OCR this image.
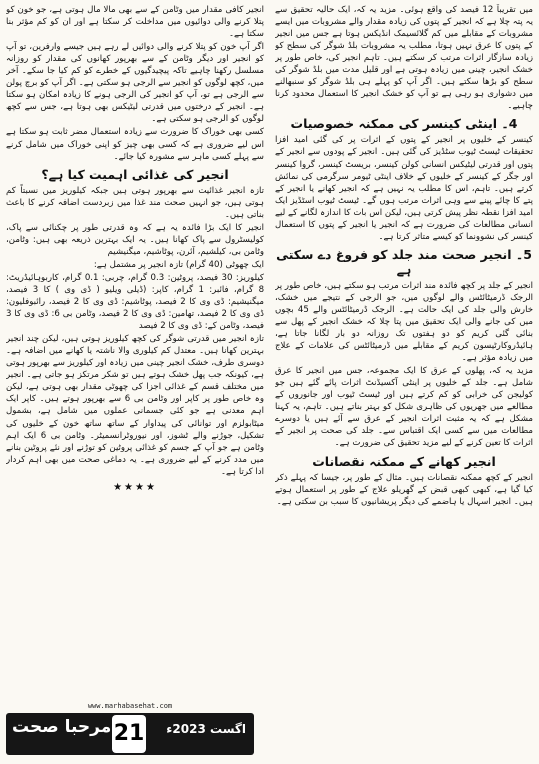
میں تقریباً 12 فیصد کی واقع ہوئی۔ مزید یہ کہ، ایک حالیہ تحقیق سے یہ پتہ چلا ہے کہ انجیر کے پتوں کی زیادہ مقدار والے مشروبات میں ایسے مشروبات کے مقابلے میں کم گلائسیمک انڈیکس ہوتا ہے جس میں انجیر کے پتوں کا عرق نہیں ہوتا، مطلب یہ مشروبات بلڈ شوگر کی سطح کو زیادہ سازگار اثرات مرتب کر سکتے ہیں۔ تاہم انجیر کی، خاص طور پر خشک انجیر، چینی میں زیادہ ہوتی ہے اور قلیل مدت میں بلڈ شوگر کی سطح کو بڑھا سکتے ہیں۔ اگر آپ کو پہلے ہی بلڈ شوگر کو سنبھالنے میں دشواری ہو رہی ہے تو آپ کو خشک انجیر کا استعمال محدود کرنا چاہیے۔

4۔ اینٹی کینسر کی ممکنہ خصوصیات

کینسر کے خلیوں پر انجیر کے پتوں کے اثرات پر کی گئی امید افزا تحقیقات ٹیسٹ ٹیوب سٹڈیز کی گئی ہیں۔ انجیر کے پودوں سے انجیر کے پتوں اور قدرتی لیٹیکس انسانی کولن کینسر، بریسٹ کینسر، گروا کینسر اور جگر کے کینسر کے خلیوں کے خلاف اینٹی ٹیومر سرگرمی کی نمائش کرتے ہیں۔ تاہم، اس کا مطلب یہ نہیں ہے کہ انجیر کھانے یا انجیر کے پتے کا چائے پینے سے وہی اثرات مرتب ہوں گے۔ ٹیسٹ ٹیوب اسٹڈیز ایک امید افزا نقطہ نظر پیش کرتی ہیں، لیکن اس بات کا اندازہ لگانے کے لیے انسانی مطالعات کی ضرورت ہے کہ انجیر یا انجیر کے پتوں کا استعمال کینسر کی نشوونما کو کیسے متاثر کرتا ہے۔

5۔ انجیر صحت مند جلد کو فروغ دے سکتی ہے

انجیر کے جلد پر کچھ فائدہ مند اثرات مرتب ہو سکتے ہیں، خاص طور پر الرجک ڈرمیٹائٹس والے لوگوں میں، جو الرجی کے نتیجے میں خشک، خارش والی جلد کی ایک حالت ہے۔ الرجک ڈرمیٹائٹس والے 45 بچوں میں کی جانے والی ایک تحقیق میں پتا چلا کہ خشک انجیر کے پھل سے بنائی گئی کریم کو دو ہفتوں تک روزانہ دو بار لگانا جاتا ہے، ہائیڈروکارٹیسون کریم کے مقابلے میں ڈرمیٹائٹس کی علامات کے علاج میں زیادہ مؤثر ہے۔

مزید یہ کہ، پھلوں کے عرق کا ایک مجموعہ، جس میں انجیر کا عرق شامل ہے۔ جلد کے خلیوں پر اینٹی آکسیڈنٹ اثرات پائے گئے ہیں جو کولیجن کی خرابی کو کم کرتے ہیں اور ٹیسٹ ٹیوب اور جانوروں کے مطالعے میں جھریوں کی ظاہری شکل کو بہتر بناتے ہیں۔ تاہم، یہ کہنا مشکل ہے کہ یہ مثبت اثرات انجیر کے عرق سے آئے ہیں یا دوسرے مطالعات میں سے کسی ایک اقتباس سے۔ جلد کی صحت پر انجیر کے اثرات کا تعین کرنے کے لیے مزید تحقیق کی ضرورت ہے۔

انجیر کھانے کے ممکنہ نقصانات

انجیر کے کچھ ممکنہ نقصانات ہیں۔ مثال کے طور پر، جیسا کہ پہلے ذکر کیا گیا ہے، کبھی کبھی قبض کے گھریلو علاج کے طور پر استعمال ہوتے ہیں۔ انجیر اسہال یا ہاضمے کی دیگر پریشانیوں کا سبب بن سکتی ہے۔

انجیر کافی مقدار میں وٹامن کے سے بھی مالا مال ہوتی ہے، جو خون کو پتلا کرنے والی دوائیوں میں مداخلت کر سکتا ہے اور ان کو کم مؤثر بنا سکتا ہے۔

اگر آپ خون کو پتلا کرنے والی دوائیں لے رہے ہیں جیسے وارفرین، تو آپ کو انجیر اور دیگر وٹامن کے سے بھرپور کھانوں کی مقدار کو روزانہ مسلسل رکھنا چاہیے تاکہ پیچیدگیوں کے خطرے کو کم کیا جا سکے۔ آخر میں، کچھ لوگوں کو انجیر سے الرجی ہو سکتی ہے۔ اگر آپ کو برچ پولن سے الرجی ہے تو، آپ کو انجیر کی الرجی ہونے کا زیادہ امکان ہو سکتا ہے۔ انجیر کے درختوں میں قدرتی لیٹیکس بھی ہوتا ہے، جس سے کچھ لوگوں کو الرجی ہو سکتی ہے۔

کسی بھی خوراک کا ضرورت سے زیادہ استعمال مضر ثابت ہو سکتا ہے اس لیے ضروری ہے کہ کسی بھی چیز کو اپنی خوراک میں شامل کرنے سے پہلے کسی ماہر سے مشورہ کیا جائے۔

انجیر کی غذائی اہمیت کیا ہے؟

تازہ انجیر غذائیت سے بھرپور ہوتی ہیں جبکہ کیلوریز میں نسبتاً کم ہوتی ہیں، جو انہیں صحت مند غذا میں زبردست اضافہ کرنے کا باعث بناتی ہیں۔

انجیر کا ایک بڑا فائدہ یہ ہے کہ وہ قدرتی طور پر چکنائی سے پاک، کولیسٹرول سے پاک کھانا ہیں۔ یہ ایک بہترین ذریعہ بھی ہیں: وٹامن، وٹامن بی، کیلشیم، آئرن، پوٹاشیم، میگنیشیم

ایک چھوٹی (40 گرام) تازہ انجیر پر مشتمل ہے:

کیلوریز: 30 فیصد، پروٹین: 0.3 گرام، چربی: 0.1 گرام، کاربوہائیڈریٹ: 8 گرام، فائبر: 1 گرام، کاپر: (ڈیلی ویلیو ( ڈی وی ) کا 3 فیصد، میگنیشیم: ڈی وی کا 2 فیصد، پوٹاشیم: ڈی وی کا 2 فیصد، رائبوفلیون: ڈی وی کا 2 فیصد، تھامین: ڈی وی کا 2 فیصد، وٹامن بی 6: ڈی وی کا 3 فیصد، وٹامن کے: ڈی وی کا 2 فیصد

تازہ انجیر میں قدرتی شوگر کی کچھ کیلوریز ہوتی ہیں، لیکن چند انجیر بہترین کھانا ہیں۔ معتدل کم کیلوری والا ناشتہ یا کھانے میں اضافہ ہے۔ دوسری طرف، خشک انجیر چینی میں زیادہ اور کیلوریز سے بھرپور ہوتی ہے، کیونکہ جب پھل خشک ہوتے ہیں تو شکر مرتکز ہو جاتی ہے۔ انجیر میں مختلف قسم کے غذائی اجزا کی چھوٹی مقدار بھی ہوتی ہے، لیکن وہ خاص طور پر کاپر اور وٹامن بی 6 سے بھرپور ہوتے ہیں۔ کاپر ایک اہم معدنی ہے جو کئی جسمانی عملوں میں شامل ہے، بشمول میٹابولزم اور توانائی کی پیداوار کے ساتھ ساتھ خون کے خلیوں کی تشکیل، جوڑنے والے ٹشوز، اور نیوروٹرانسمیٹر۔ وٹامن بی 6 ایک اہم وٹامن ہے جو آپ کے جسم کو غذائی پروٹین کو توڑنے اور نئے پروٹین بنانے میں مدد کرنے کے لیے ضروری ہے۔ یہ دماغی صحت میں بھی اہم کردار ادا کرتا ہے۔

★★★★
www.marhabasehat.com
مرحبا صحت 21 اگست 2023ء
